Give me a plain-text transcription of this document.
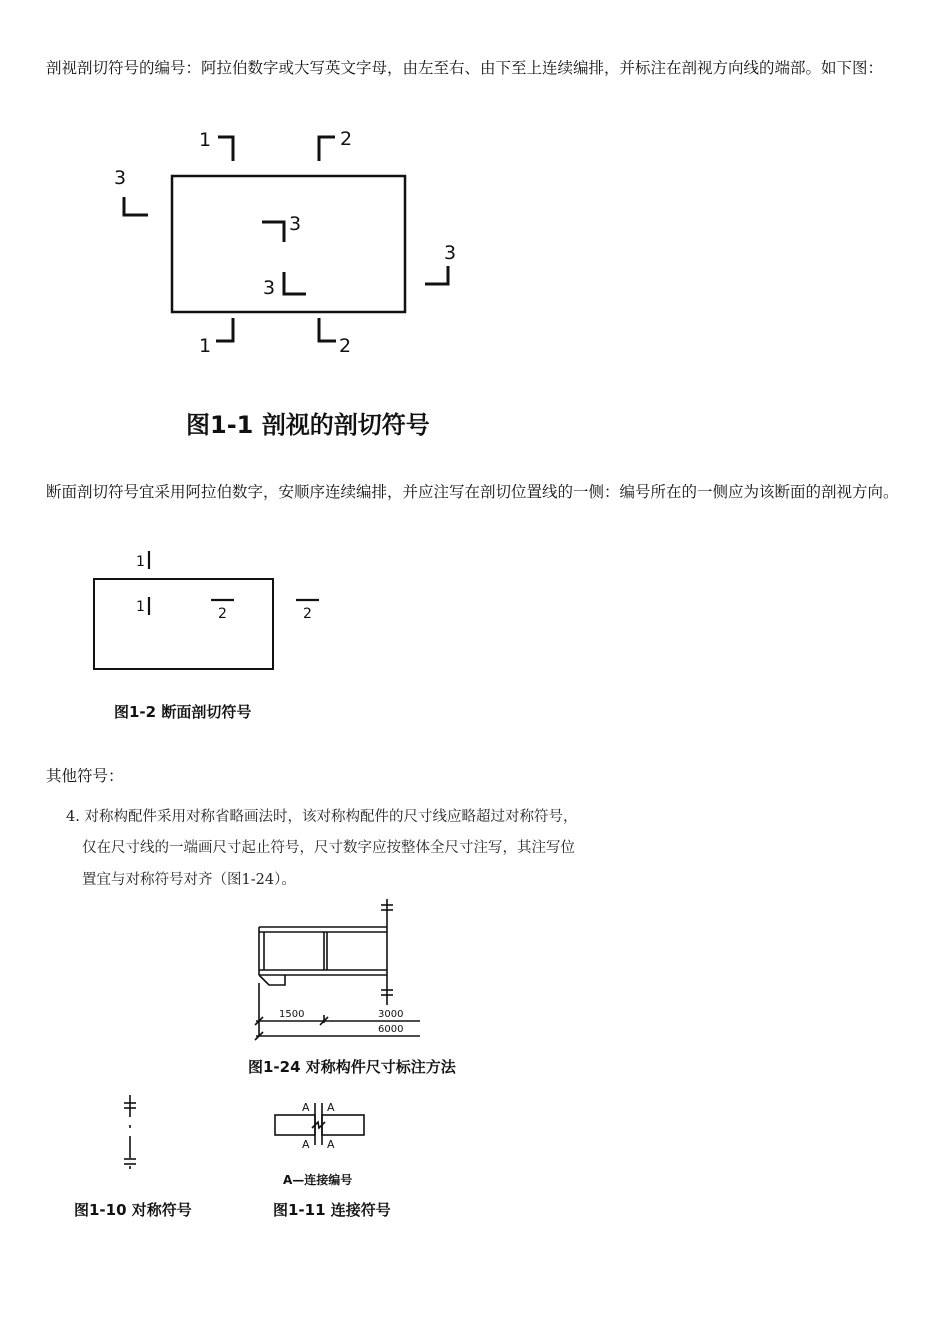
剖视剖切符号的编号：阿拉伯数字或大写英文字母，由左至右、由下至上连续编排，并标注在剖视方向线的端部。如下图：
1	2
3
3
3
3
1	2
图1-1 剖视的剖切符号
断面剖切符号宜采用阿拉伯数字，安顺序连续编排，并应注写在剖切位置线的一侧：编号所在的一侧应为该断面的剖视方向。
1
1	2	2
图1-2 断面剖切符号
其他符号：
4. 对称构配件采用对称省略画法时，该对称构配件的尺寸线应略超过对称符号，
仅在尺寸线的一端画尺寸起止符号，尺寸数字应按整体全尺寸注写，其注写位
置宜与对称符号对齐（图1-24）。
1500	3000
6000
图1-24 对称构件尺寸标注方法
图1-10 对称符号
A A
A A
A—连接编号
图1-11 连接符号
